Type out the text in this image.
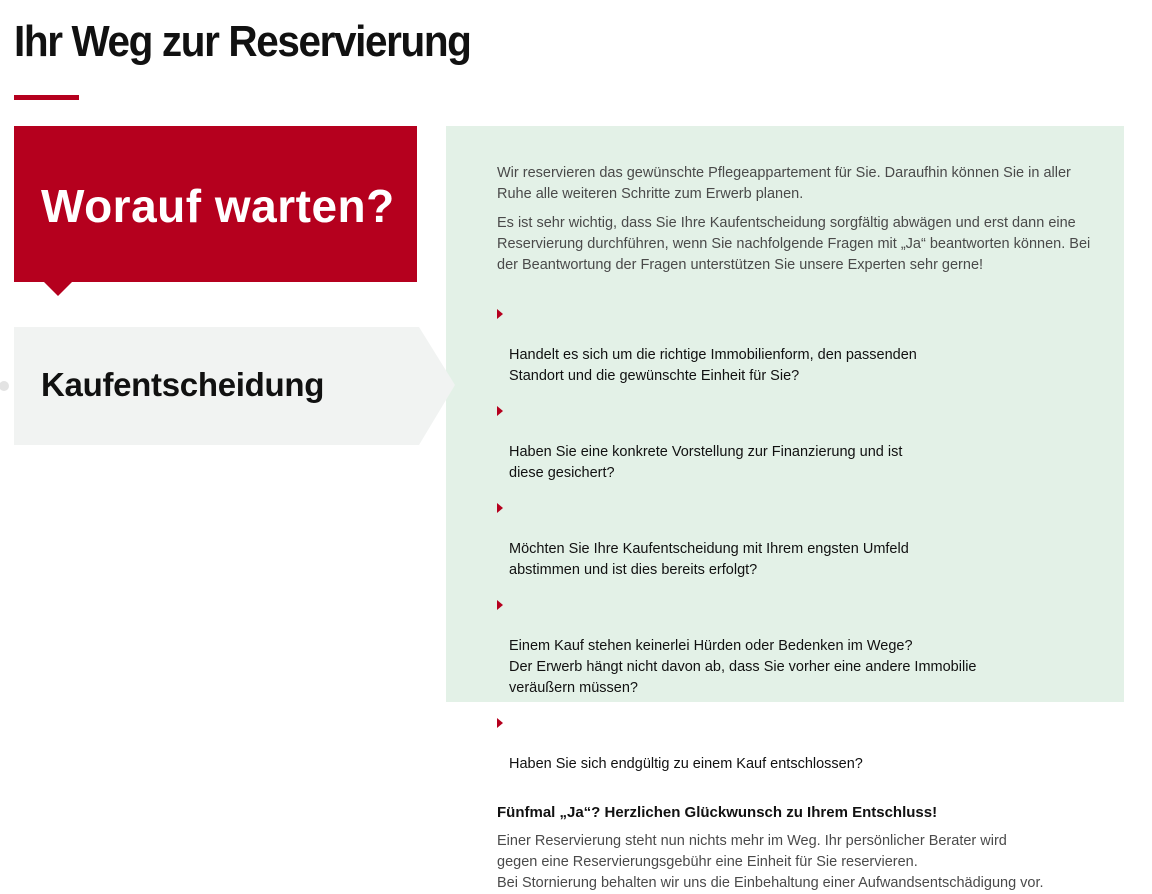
Ihr Weg zur Reservierung

Worauf warten?

Kaufentscheidung

Wir reservieren das gewünschte Pflegeappartement für Sie. Daraufhin können Sie in aller Ruhe alle weiteren Schritte zum Erwerb planen.

Es ist sehr wichtig, dass Sie Ihre Kaufentscheidung sorgfältig abwägen und erst dann eine Reservierung durchführen, wenn Sie nachfolgende Fragen mit „Ja“ beantworten können. Bei der Beantwortung der Fragen unterstützen Sie unsere Experten sehr gerne!

Handelt es sich um die richtige Immobilienform, den passenden
Standort und die gewünschte Einheit für Sie?

Haben Sie eine konkrete Vorstellung zur Finanzierung und ist
diese gesichert?

Möchten Sie Ihre Kaufentscheidung mit Ihrem engsten Umfeld
abstimmen und ist dies bereits erfolgt?

Einem Kauf stehen keinerlei Hürden oder Bedenken im Wege?
Der Erwerb hängt nicht davon ab, dass Sie vorher eine andere Immobilie
veräußern müssen?

Haben Sie sich endgültig zu einem Kauf entschlossen?

Fünfmal „Ja“? Herzlichen Glückwunsch zu Ihrem Entschluss!

Einer Reservierung steht nun nichts mehr im Weg. Ihr persönlicher Berater wird
gegen eine Reservierungsgebühr eine Einheit für Sie reservieren.
Bei Stornierung behalten wir uns die Einbehaltung einer Aufwandsentschädigung vor.
